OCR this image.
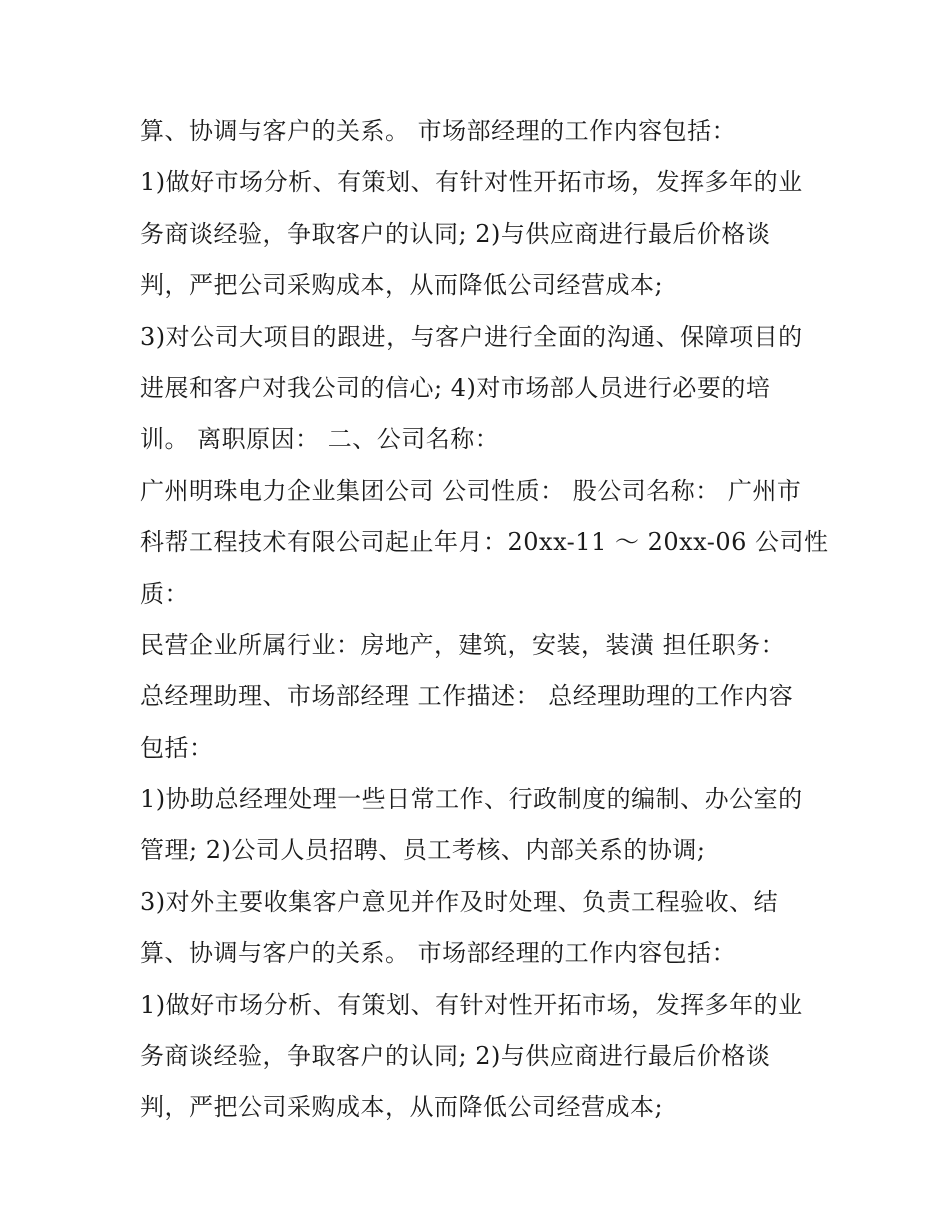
算、协调与客户的关系。 市场部经理的工作内容包括：
1)做好市场分析、有策划、有针对性开拓市场，发挥多年的业
务商谈经验，争取客户的认同; 2)与供应商进行最后价格谈
判，严把公司采购成本，从而降低公司经营成本;
3)对公司大项目的跟进，与客户进行全面的沟通、保障项目的
进展和客户对我公司的信心; 4)对市场部人员进行必要的培
训。 离职原因： 二、公司名称：
广州明珠电力企业集团公司 公司性质： 股公司名称： 广州市
科帮工程技术有限公司起止年月：20xx-11 ～ 20xx-06 公司性
质：
民营企业所属行业：房地产，建筑，安装，装潢 担任职务：
总经理助理、市场部经理 工作描述： 总经理助理的工作内容
包括：
1)协助总经理处理一些日常工作、行政制度的编制、办公室的
管理; 2)公司人员招聘、员工考核、内部关系的协调;
3)对外主要收集客户意见并作及时处理、负责工程验收、结
算、协调与客户的关系。 市场部经理的工作内容包括：
1)做好市场分析、有策划、有针对性开拓市场，发挥多年的业
务商谈经验，争取客户的认同; 2)与供应商进行最后价格谈
判，严把公司采购成本，从而降低公司经营成本;
